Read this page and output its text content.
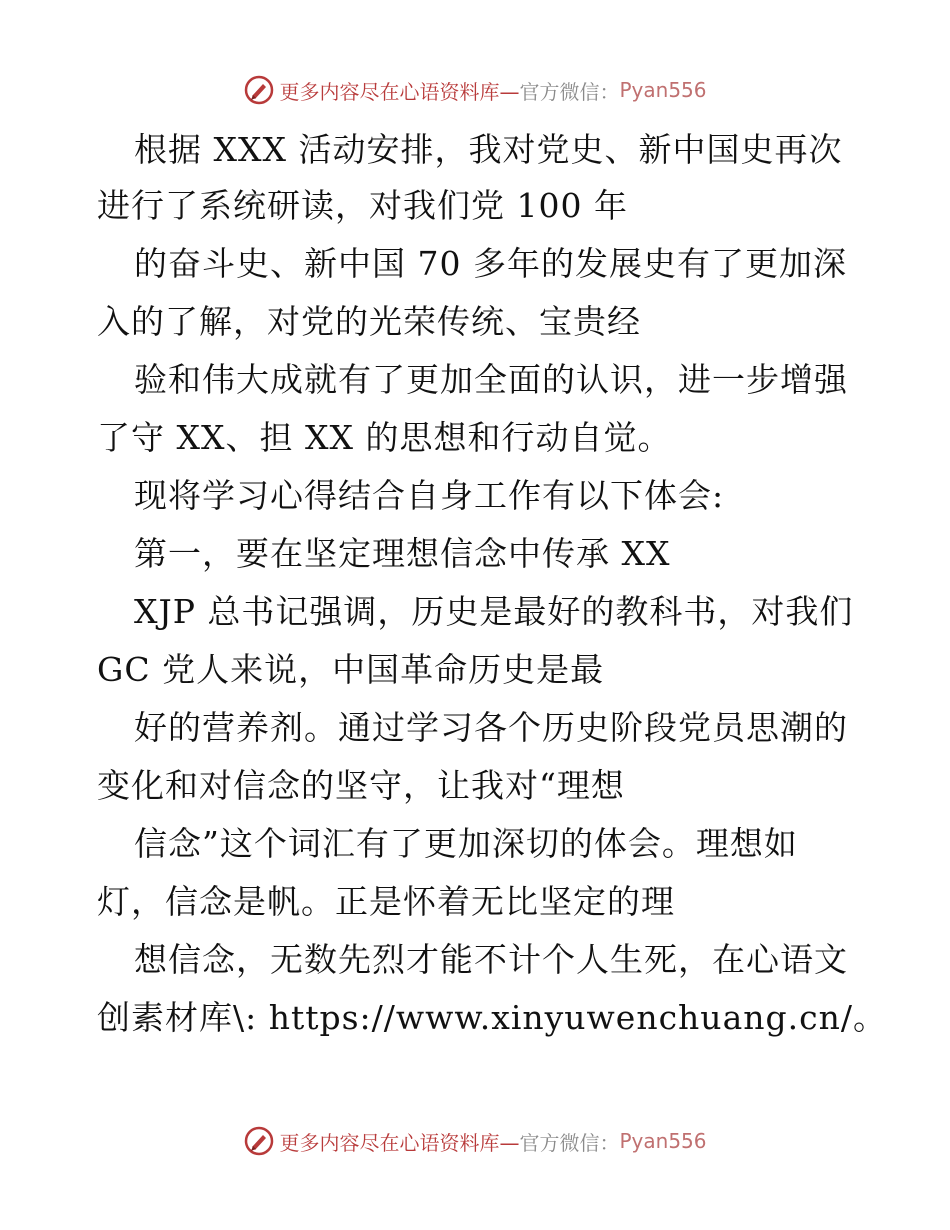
更多内容尽在心语资料库— 官方微信： Pyan556
根据 XXX 活动安排，我对党史、新中国史再次
进行了系统研读，对我们党 100 年
的奋斗史、新中国 70 多年的发展史有了更加深
入的了解，对党的光荣传统、宝贵经
验和伟大成就有了更加全面的认识，进一步增强
了守 XX、担 XX 的思想和行动自觉。
现将学习心得结合自身工作有以下体会:
第一，要在坚定理想信念中传承 XX
XJP 总书记强调，历史是最好的教科书，对我们
GC 党人来说，中国革命历史是最
好的营养剂。通过学习各个历史阶段党员思潮的
变化和对信念的坚守，让我对“理想
信念”这个词汇有了更加深切的体会。理想如
灯，信念是帆。正是怀着无比坚定的理
想信念，无数先烈才能不计个人生死，在心语文
创素材库\: https://www.xinyuwenchuang.cn/。
更多内容尽在心语资料库— 官方微信： Pyan556
